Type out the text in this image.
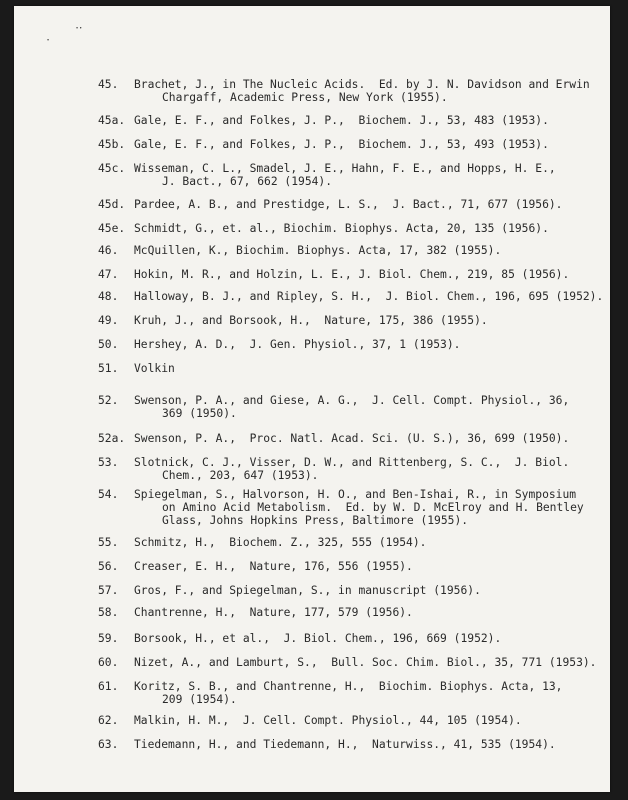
• •
•
45.	Brachet, J., in The Nucleic Acids.  Ed. by J. N. Davidson and Erwin
Chargaff, Academic Press, New York (1955).
45a. Gale, E. F., and Folkes, J. P.,  Biochem. J., 53, 483 (1953).
45b. Gale, E. F., and Folkes, J. P.,  Biochem. J., 53, 493 (1953).
45c. Wisseman, C. L., Smadel, J. E., Hahn, F. E., and Hopps, H. E.,
J. Bact., 67, 662 (1954).
45d. Pardee, A. B., and Prestidge, L. S.,  J. Bact., 71, 677 (1956).
45e. Schmidt, G., et. al., Biochim. Biophys. Acta, 20, 135 (1956).
46.	McQuillen, K., Biochim. Biophys. Acta, 17, 382 (1955).
47.	Hokin, M. R., and Holzin, L. E., J. Biol. Chem., 219, 85 (1956).
48.	Halloway, B. J., and Ripley, S. H.,  J. Biol. Chem., 196, 695 (1952).
49.	Kruh, J., and Borsook, H.,  Nature, 175, 386 (1955).
50.	Hershey, A. D.,  J. Gen. Physiol., 37, 1 (1953).
51.	Volkin
52.	Swenson, P. A., and Giese, A. G.,  J. Cell. Compt. Physiol., 36,
369 (1950).
52a. Swenson, P. A.,  Proc. Natl. Acad. Sci. (U. S.), 36, 699 (1950).
53.	Slotnick, C. J., Visser, D. W., and Rittenberg, S. C.,  J. Biol.
Chem., 203, 647 (1953).
54.	Spiegelman, S., Halvorson, H. O., and Ben-Ishai, R., in Symposium
on Amino Acid Metabolism.  Ed. by W. D. McElroy and H. Bentley
Glass, Johns Hopkins Press, Baltimore (1955).
55.	Schmitz, H.,  Biochem. Z., 325, 555 (1954).
56.	Creaser, E. H.,  Nature, 176, 556 (1955).
57.	Gros, F., and Spiegelman, S., in manuscript (1956).
58.	Chantrenne, H.,  Nature, 177, 579 (1956).
59.	Borsook, H., et al.,  J. Biol. Chem., 196, 669 (1952).
60.	Nizet, A., and Lamburt, S.,  Bull. Soc. Chim. Biol., 35, 771 (1953).
61.	Koritz, S. B., and Chantrenne, H.,  Biochim. Biophys. Acta, 13,
209 (1954).
62.	Malkin, H. M.,  J. Cell. Compt. Physiol., 44, 105 (1954).
63.	Tiedemann, H., and Tiedemann, H.,  Naturwiss., 41, 535 (1954).
